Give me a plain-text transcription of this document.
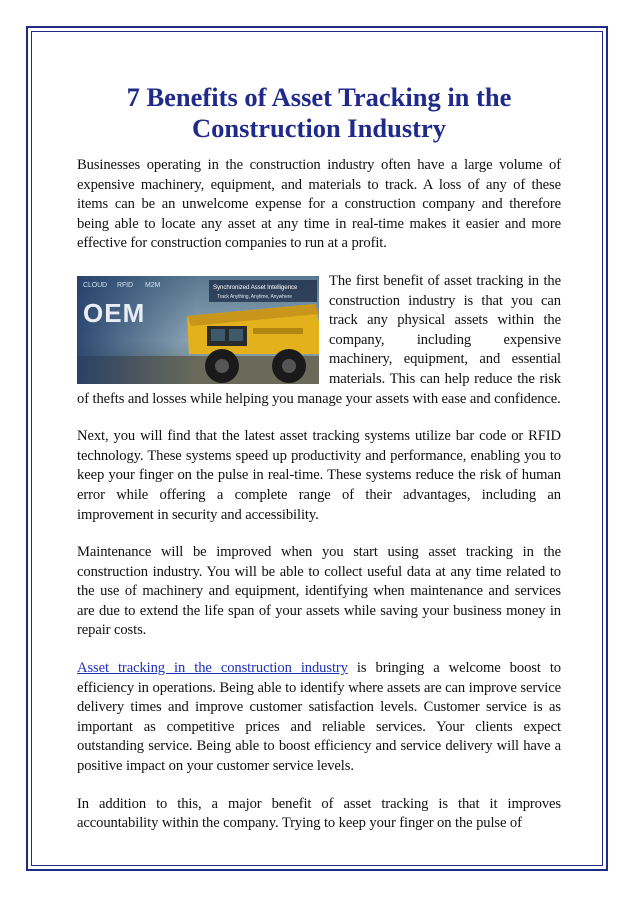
7 Benefits of Asset Tracking in the Construction Industry

Businesses operating in the construction industry often have a large volume of expensive machinery, equipment, and materials to track. A loss of any of these items can be an unwelcome expense for a construction company and therefore being able to locate any asset at any time in real-time makes it easier and more effective for construction companies to run at a profit.

CLOUD RFID M2M
OEM
Synchronized Asset Intelligence
Track Anything, Anytime, Anywhere
The first benefit of asset tracking in the construction industry is that you can track any physical assets within the company, including expensive machinery, equipment, and essential materials. This can help reduce the risk of thefts and losses while helping you manage your assets with ease and confidence.

Next, you will find that the latest asset tracking systems utilize bar code or RFID technology. These systems speed up productivity and performance, enabling you to keep your finger on the pulse in real-time. These systems reduce the risk of human error while offering a complete range of their advantages, including an improvement in security and accessibility.

Maintenance will be improved when you start using asset tracking in the construction industry. You will be able to collect useful data at any time related to the use of machinery and equipment, identifying when maintenance and services are due to extend the life span of your assets while saving your business money in repair costs.

Asset tracking in the construction industry is bringing a welcome boost to efficiency in operations. Being able to identify where assets are can improve service delivery times and improve customer satisfaction levels. Customer service is as important as competitive prices and reliable services. Your clients expect outstanding service. Being able to boost efficiency and service delivery will have a positive impact on your customer service levels.

In addition to this, a major benefit of asset tracking is that it improves accountability within the company. Trying to keep your finger on the pulse of
